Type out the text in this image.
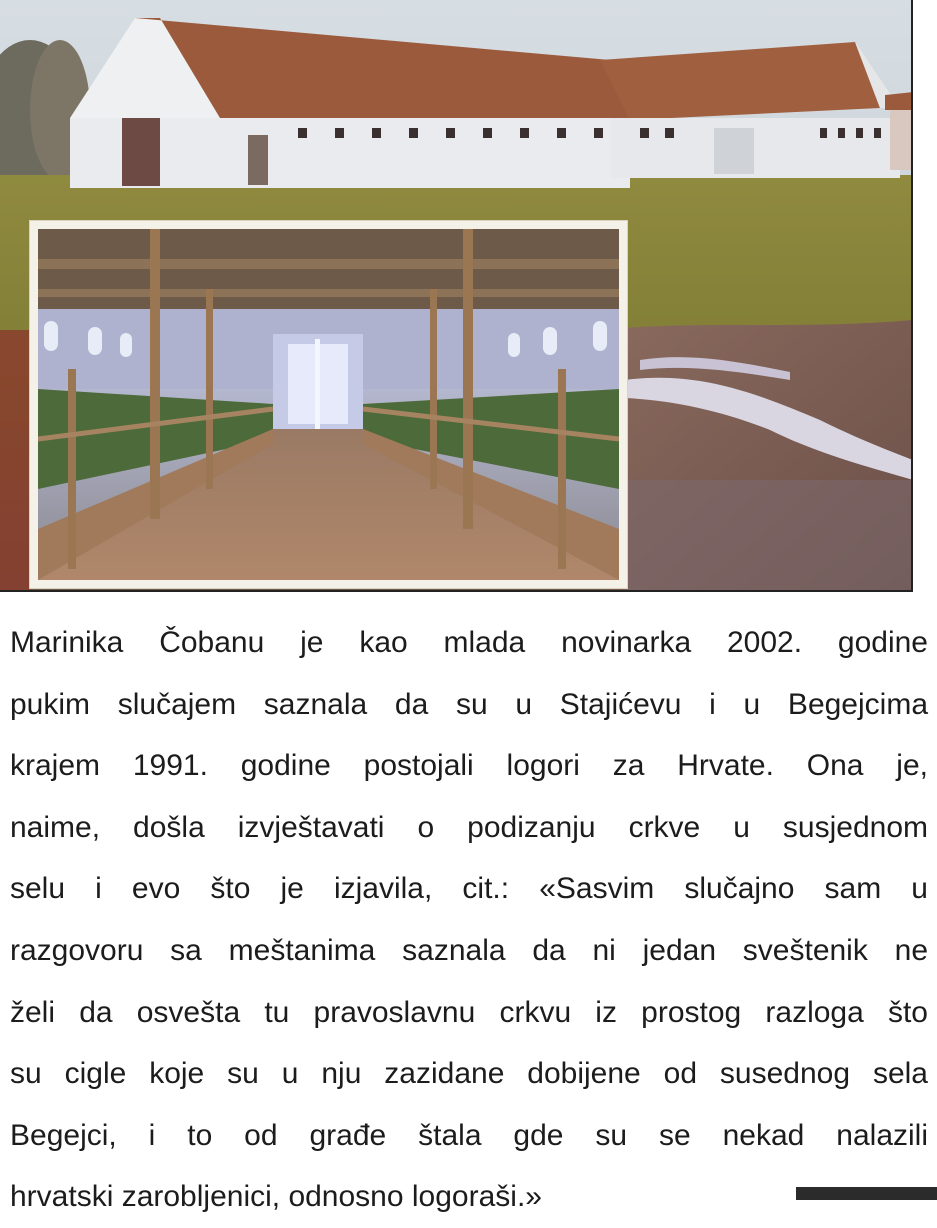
Marinika Čobanu je kao mlada novinarka 2002. godine
pukim slučajem saznala da su u Stajićevu i u Begejcima
krajem 1991. godine postojali logori za Hrvate. Ona je,
naime, došla izvještavati o podizanju crkve u susjednom
selu i evo što je izjavila, cit.: «Sasvim slučajno sam u
razgovoru sa meštanima saznala da ni jedan sveštenik ne
želi da osvešta tu pravoslavnu crkvu iz prostog razloga što
su cigle koje su u nju zazidane dobijene od susednog sela
Begejci, i to od građe štala gde su se nekad nalazili
hrvatski zarobljenici, odnosno logoraši.»
